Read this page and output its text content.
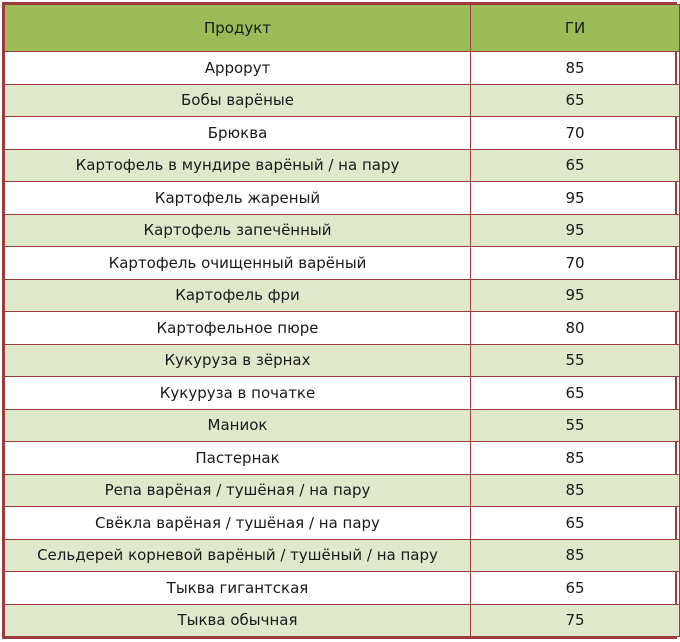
Продукт	ГИ
Аррорут	85
Бобы варёные	65
Брюква	70
Картофель в мундире варёный / на пару	65
Картофель жареный	95
Картофель запечённый	95
Картофель очищенный варёный	70
Картофель фри	95
Картофельное пюре	80
Кукуруза в зёрнах	55
Кукуруза в початке	65
Маниок	55
Пастернак	85
Репа варёная / тушёная / на пару	85
Свёкла варёная / тушёная / на пару	65
Сельдерей корневой варёный / тушёный / на пару	85
Тыква гигантская	65
Тыква обычная	75
